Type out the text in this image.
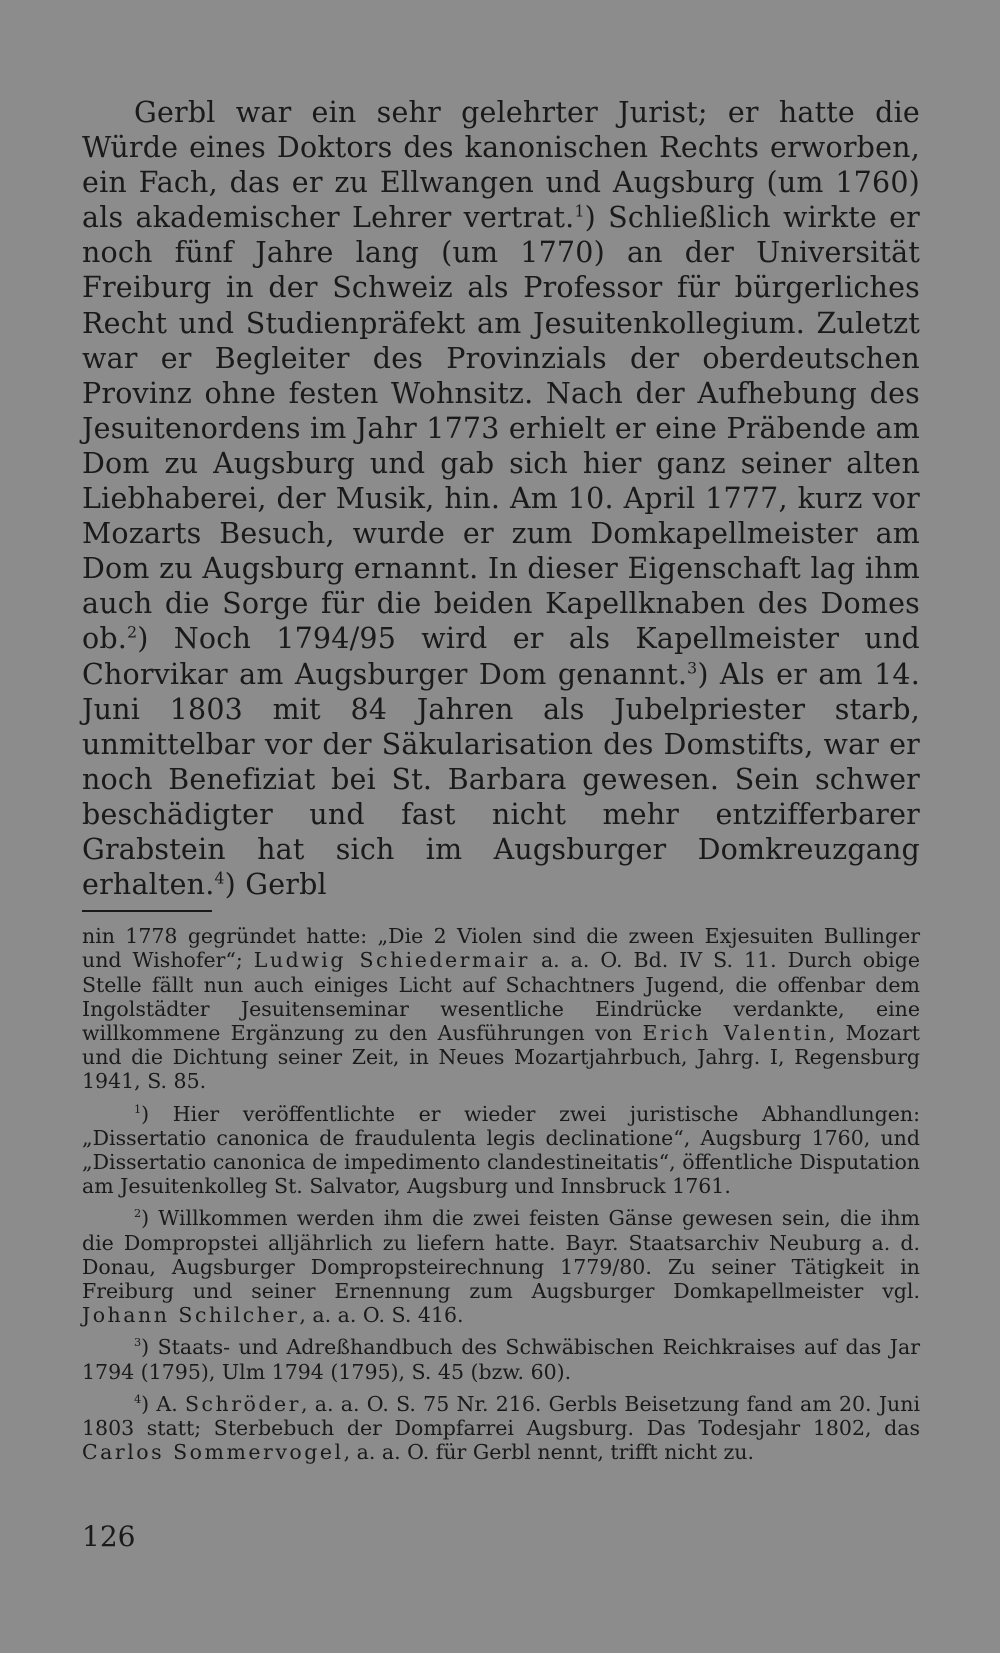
Gerbl war ein sehr gelehrter Jurist; er hatte die Würde eines Doktors des kanonischen Rechts erworben, ein Fach, das er zu Ellwangen und Augsburg (um 1760) als akademischer Lehrer vertrat.$^1$) Schließlich wirkte er noch fünf Jahre lang (um 1770) an der Universität Freiburg in der Schweiz als Professor für bürgerliches Recht und Studienpräfekt am Jesuitenkollegium. Zuletzt war er Begleiter des Provinzials der oberdeutschen Provinz ohne festen Wohnsitz. Nach der Aufhebung des Jesuitenordens im Jahr 1773 erhielt er eine Präbende am Dom zu Augsburg und gab sich hier ganz seiner alten Liebhaberei, der Musik, hin. Am 10. April 1777, kurz vor Mozarts Besuch, wurde er zum Domkapellmeister am Dom zu Augsburg ernannt. In dieser Eigenschaft lag ihm auch die Sorge für die beiden Kapellknaben des Domes ob.$^2$) Noch 1794/95 wird er als Kapellmeister und Chorvikar am Augsburger Dom genannt.$^3$) Als er am 14. Juni 1803 mit 84 Jahren als Jubelpriester starb, unmittelbar vor der Säkularisation des Domstifts, war er noch Benefiziat bei St. Barbara gewesen. Sein schwer beschädigter und fast nicht mehr entzifferbarer Grabstein hat sich im Augsburger Domkreuzgang erhalten.$^4$) Gerbl

nin 1778 gegründet hatte: „Die 2 Violen sind die zween Exjesuiten Bullinger und Wishofer“; Ludwig Schiedermair a. a. O. Bd. IV S. 11. Durch obige Stelle fällt nun auch einiges Licht auf Schachtners Jugend, die offenbar dem Ingolstädter Jesuitenseminar wesentliche Eindrücke verdankte, eine willkommene Ergänzung zu den Ausführungen von Erich Valentin, Mozart und die Dichtung seiner Zeit, in Neues Mozartjahrbuch, Jahrg. I, Regensburg 1941, S. 85.

$^1$) Hier veröffentlichte er wieder zwei juristische Abhandlungen: „Dissertatio canonica de fraudulenta legis declinatione“, Augsburg 1760, und „Dissertatio canonica de impedimento clandestineitatis“, öffentliche Disputation am Jesuitenkolleg St. Salvator, Augsburg und Innsbruck 1761.

$^2$) Willkommen werden ihm die zwei feisten Gänse gewesen sein, die ihm die Dompropstei alljährlich zu liefern hatte. Bayr. Staatsarchiv Neuburg a. d. Donau, Augsburger Dompropsteirechnung 1779/80. Zu seiner Tätigkeit in Freiburg und seiner Ernennung zum Augsburger Domkapellmeister vgl. Johann Schilcher, a. a. O. S. 416.

$^3$) Staats- und Adreßhandbuch des Schwäbischen Reichkraises auf das Jar 1794 (1795), Ulm 1794 (1795), S. 45 (bzw. 60).

$^4$) A. Schröder, a. a. O. S. 75 Nr. 216. Gerbls Beisetzung fand am 20. Juni 1803 statt; Sterbebuch der Dompfarrei Augsburg. Das Todesjahr 1802, das Carlos Sommervogel, a. a. O. für Gerbl nennt, trifft nicht zu.

126
